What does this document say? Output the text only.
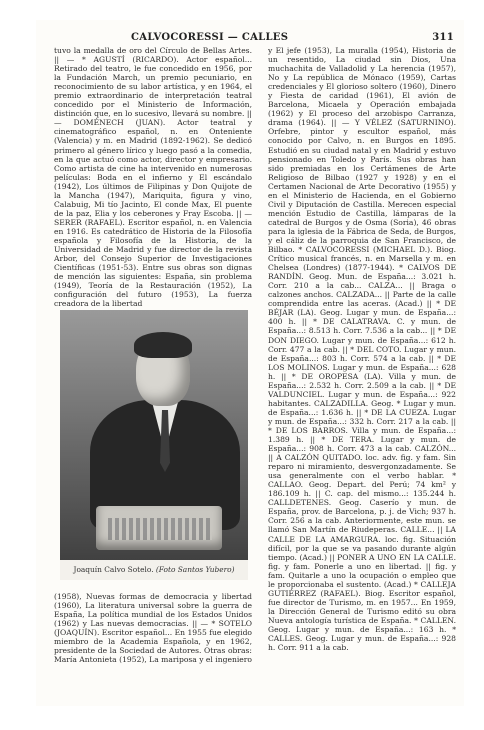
CALVOCORESSI — CALLES	311

tuvo la medalla de oro del Círculo de Bellas Artes. || — * AGUSTÍ (RICARDO). Actor español... Retirado del teatro, le fue concedido en 1956, por la Fundación March, un premio pecuniario, en reconocimiento de su labor artística, y en 1964, el premio extraordinario de interpretación teatral concedido por el Ministerio de Información, distinción que, en lo sucesivo, llevará su nombre. || — DOMÉNECH (JUAN). Actor teatral y cinematográfico español, n. en Ontenientе (Valencia) y m. en Madrid (1892-1962). Se dedicó primero al género lírico y luego pasó a la comedia, en la que actuó como actor, director y empresario. Como artista de cine ha intervenido en numerosas películas: Boda en el infierno y El escándalo (1942), Los últimos de Filipinas y Don Quijote de la Mancha (1947), Mariquita, figura y vino, Calabuig, Mi tío Jacinto, El conde Max, El puente de la paz, Elia y los ceberones y Fray Escoba. || — SERER (RAFAEL). Escritor español, n. en Valencia en 1916. Es catedrático de Historia de la Filosofía española y Filosofía de la Historia, de la Universidad de Madrid y fue director de la revista Arbor, del Consejo Superior de Investigaciones Científicas (1951-53). Entre sus obras son dignas de mención las siguientes: España, sin problema (1949), Teoría de la Restauración (1952), La configuración del futuro (1953), La fuerza creadora de la libertad

Joaquín Calvo Sotelo. (Foto Santos Yubero)

(1958), Nuevas formas de democracia y libertad (1960), La literatura universal sobre la guerra de España, La política mundial de los Estados Unidos (1962) y Las nuevas democracias. || — * SOTELO (JOAQUÍN). Escritor español... En 1955 fue elegido miembro de la Academia Española, y en 1962, presidente de la Sociedad de Autores. Otras obras: María Antonieta (1952), La mariposa y el ingeniero

y El jefe (1953), La muralla (1954), Historia de un resentido, La ciudad sin Dios, Una muchachita de Valladolid y La herencia (1957), No y La república de Mónaco (1959), Cartas credenciales y El glorioso soltero (1960), Dinero y Fiesta de caridad (1961), El avión de Barcelona, Micaela y Operación embajada (1962) y El proceso del arzobispo Carranza, drama (1964). || — Y VÉLEZ (SATURNINO). Orfebre, pintor y escultor español, más conocido por Calvo, n. en Burgos en 1895. Estudió en su ciudad natal y en Madrid y estuvo pensionado en Toledo y París. Sus obras han sido premiadas en los Certámenes de Arte Religioso de Bilbao (1927 y 1928) y en el Certamen Nacional de Arte Decorativo (1955) y en el Ministerio de Hacienda, en el Gobierno Civil y Diputación de Castilla. Merecen especial mención Estudio de Castilla, lámparas de la catedral de Burgos y de Osma (Soria), 46 obras para la iglesia de la Fábrica de Seda, de Burgos, y el cáliz de la parroquia de San Francisco, de Bilbao. * CALVOCORESSI (MICHAEL D.). Biog. Crítico musical francés, n. en Marsella y m. en Chelsea (Londres) (1877-1944). * CALVOS DE RANDÍN. Geog. Mun. de España...: 3.021 h. Corr. 210 a la cab... CALZA... || Braga o calzones anchos. CALZADA... || Parte de la calle comprendida entre las aceras. (Acad.) || * DE BÉJAR (LA). Geog. Lugar y mun. de España...: 400 h. || * DE CALATRAVA. C. y mun. de España...: 8.513 h. Corr. 7.536 a la cab... || * DE DON DIEGO. Lugar y mun. de España...: 612 h. Corr. 477 a la cab. || * DEL COTO. Lugar y mun. de España...: 803 h. Corr. 574 a la cab. || * DE LOS MOLINOS. Lugar y mun. de España...: 628 h. || * DE OROPESA (LA). Villa y mun. de España...: 2.532 h. Corr. 2.509 a la cab. || * DE VALDUNCIEL. Lugar y mun. de España...: 922 habitantes. CALZADILLA. Geog. * Lugar y mun. de España...: 1.636 h. || * DE LA CUEZA. Lugar y mun. de España...: 332 h. Corr. 217 a la cab. || * DE LOS BARROS. Villa y mun. de España...: 1.389 h. || * DE TERA. Lugar y mun. de España...: 908 h. Corr. 473 a la cab. CALZÓN... || A CALZÓN QUITADO. loc. adv. fig. y fam. Sin reparo ni miramiento, desvergonzadamente. Se usa generalmente con el verbo hablar. * CALLAO. Geog. Depart. del Perú; 74 km² y 186.109 h. || C. cap. del mismo...: 135.244 h. CALLDETENES. Geog. Caserío y mun. de España, prov. de Barcelona, p. j. de Vich; 937 h. Corr. 256 a la cab. Anteriormente, este mun. se llamó San Martín de Riudeperas. CALLE... || LA CALLE DE LA AMARGURA. loc. fig. Situación difícil, por la que se va pasando durante algún tiempo. (Acad.) || PONER A UNO EN LA CALLE. fig. y fam. Ponerle a uno en libertad. || fig. y fam. Quitarle a uno la ocupación o empleo que le proporcionaba el sustento. (Acad.) * CALLEJA GUTIÉRREZ (RAFAEL). Biog. Escritor español, fue director de Turismo, m. en 1957... En 1959, la Dirección General de Turismo editó su obra Nueva antología turística de España. * CALLEN. Geog. Lugar y mun. de España...: 163 h. * CALLES. Geog. Lugar y mun. de España...: 928 h. Corr. 911 a la cab.
